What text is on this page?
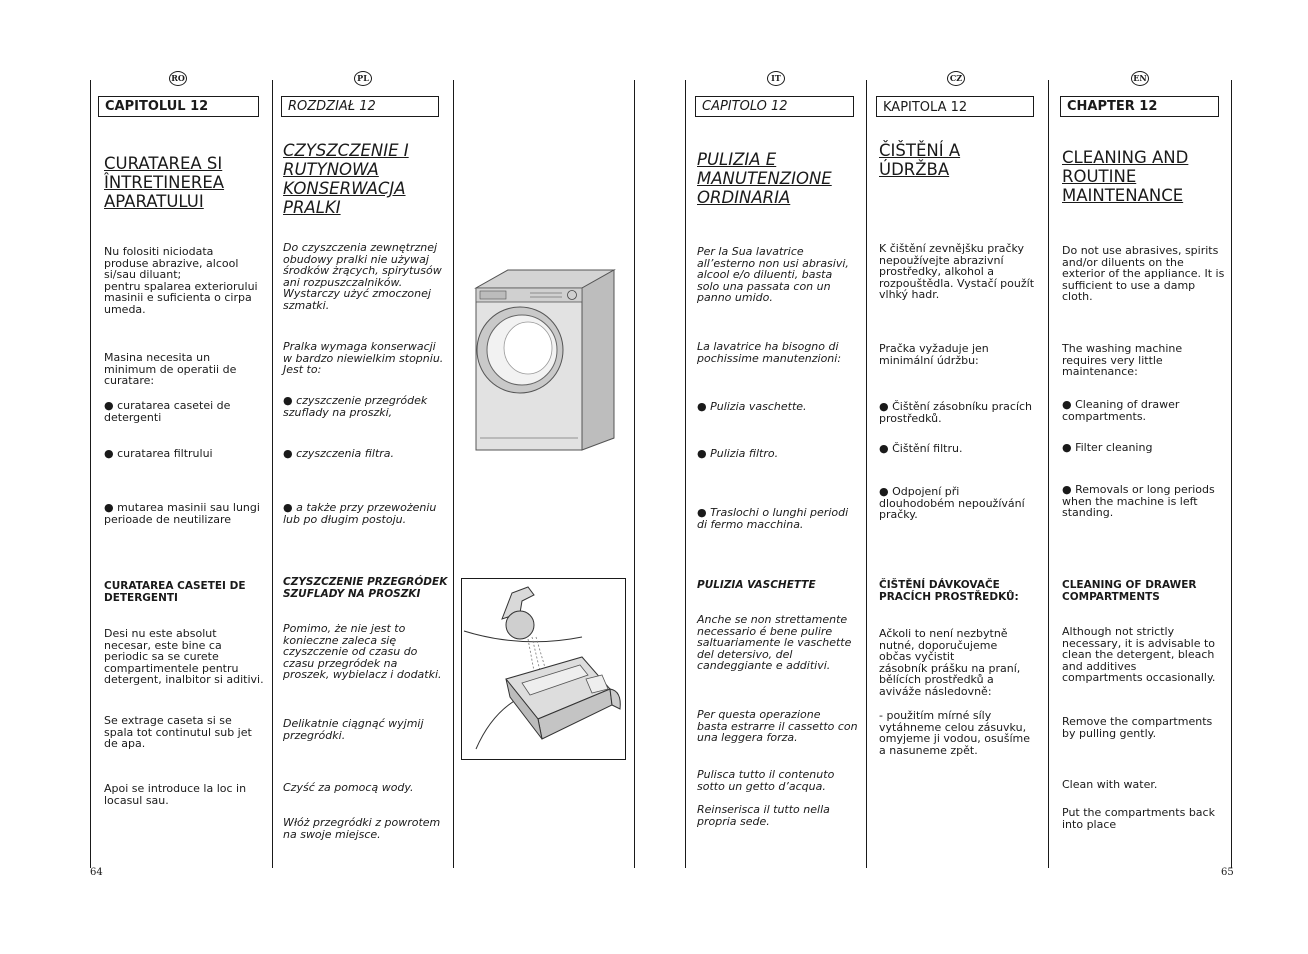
RO	PL	IT	CZ	EN
CAPITOLUL 12
CURATAREA SI ÎNTRETINEREA APARATULUI
Nu folositi niciodata
produse abrazive, alcool
si/sau diluant;
pentru spalarea exteriorului
masinii e suficienta o cirpa
umeda.
Masina necesita un
minimum de operatii de
curatare:
● curatarea casetei de
detergenti
● curatarea filtrului
● mutarea masinii sau lungi
perioade de neutilizare
CURATAREA CASETEI DE
DETERGENTI
Desi nu este absolut
necesar, este bine ca
periodic sa se curete
compartimentele pentru
detergent, inalbitor si aditivi.
Se extrage caseta si se
spala tot continutul sub jet
de apa.
Apoi se introduce la loc in
locasul sau.
ROZDZIAŁ 12
CZYSZCZENIE I RUTYNOWA KONSERWACJA PRALKI
Do czyszczenia zewnętrznej
obudowy pralki nie używaj
środków żrących, spirytusów
ani rozpuszczalników.
Wystarczy użyć zmoczonej
szmatki.
Pralka wymaga konserwacji
w bardzo niewielkim stopniu.
Jest to:
● czyszczenie przegródek
szuflady na proszki,
● czyszczenia filtra.
● a także przy przewożeniu
lub po długim postoju.
CZYSZCZENIE PRZEGRÓDEK
SZUFLADY NA PROSZKI
Pomimo, że nie jest to
konieczne zaleca się
czyszczenie od czasu do
czasu przegródek na
proszek, wybielacz i dodatki.
Delikatnie ciągnąć wyjmij
przegródki.
Czyść za pomocą wody.
Włóż przegródki z powrotem
na swoje miejsce.
CAPITOLO 12
PULIZIA E MANUTENZIONE ORDINARIA
Per la Sua lavatrice
all’esterno non usi abrasivi,
alcool e/o diluenti, basta
solo una passata con un
panno umido.
La lavatrice ha bisogno di
pochissime manutenzioni:
● Pulizia vaschette.
● Pulizia filtro.
● Traslochi o lunghi periodi
di fermo macchina.
PULIZIA VASCHETTE
Anche se non strettamente
necessario é bene pulire
saltuariamente le vaschette
del detersivo, del
candeggiante e additivi.
Per questa operazione
basta estrarre il cassetto con
una leggera forza.
Pulisca tutto il contenuto
sotto un getto d’acqua.
Reinserisca il tutto nella
propria sede.
KAPITOLA 12
ČIŠTĚNÍ A ÚDRŽBA
K čištění zevnějšku pračky
nepoužívejte abrazivní
prostředky, alkohol a
rozpouštědla. Vystačí použít
vlhký hadr.
Pračka vyžaduje jen
minimální údržbu:
● Čištění zásobníku pracích
prostředků.
● Čištění filtru.
● Odpojení při
dlouhodobém nepoužívání
pračky.
ČIŠTĚNÍ DÁVKOVAČE
PRACÍCH PROSTŘEDKŮ:
Ačkoli to není nezbytně
nutné, doporučujeme
občas vyčistit
zásobník prášku na praní,
bělících prostředků a
aviváže následovně:
- použitím mírné síly
vytáhneme celou zásuvku,
omyjeme ji vodou, osušíme
a nasuneme zpět.
CHAPTER 12
CLEANING AND ROUTINE MAINTENANCE
Do not use abrasives, spirits
and/or diluents on the
exterior of the appliance. It is
sufficient to use a damp
cloth.
The washing machine
requires very little
maintenance:
● Cleaning of drawer
compartments.
● Filter cleaning
● Removals or long periods
when the machine is left
standing.
CLEANING OF DRAWER
COMPARTMENTS
Although not strictly
necessary, it is advisable to
clean the detergent, bleach
and additives
compartments occasionally.
Remove the compartments
by pulling gently.
Clean with water.
Put the compartments back
into place
64	65
